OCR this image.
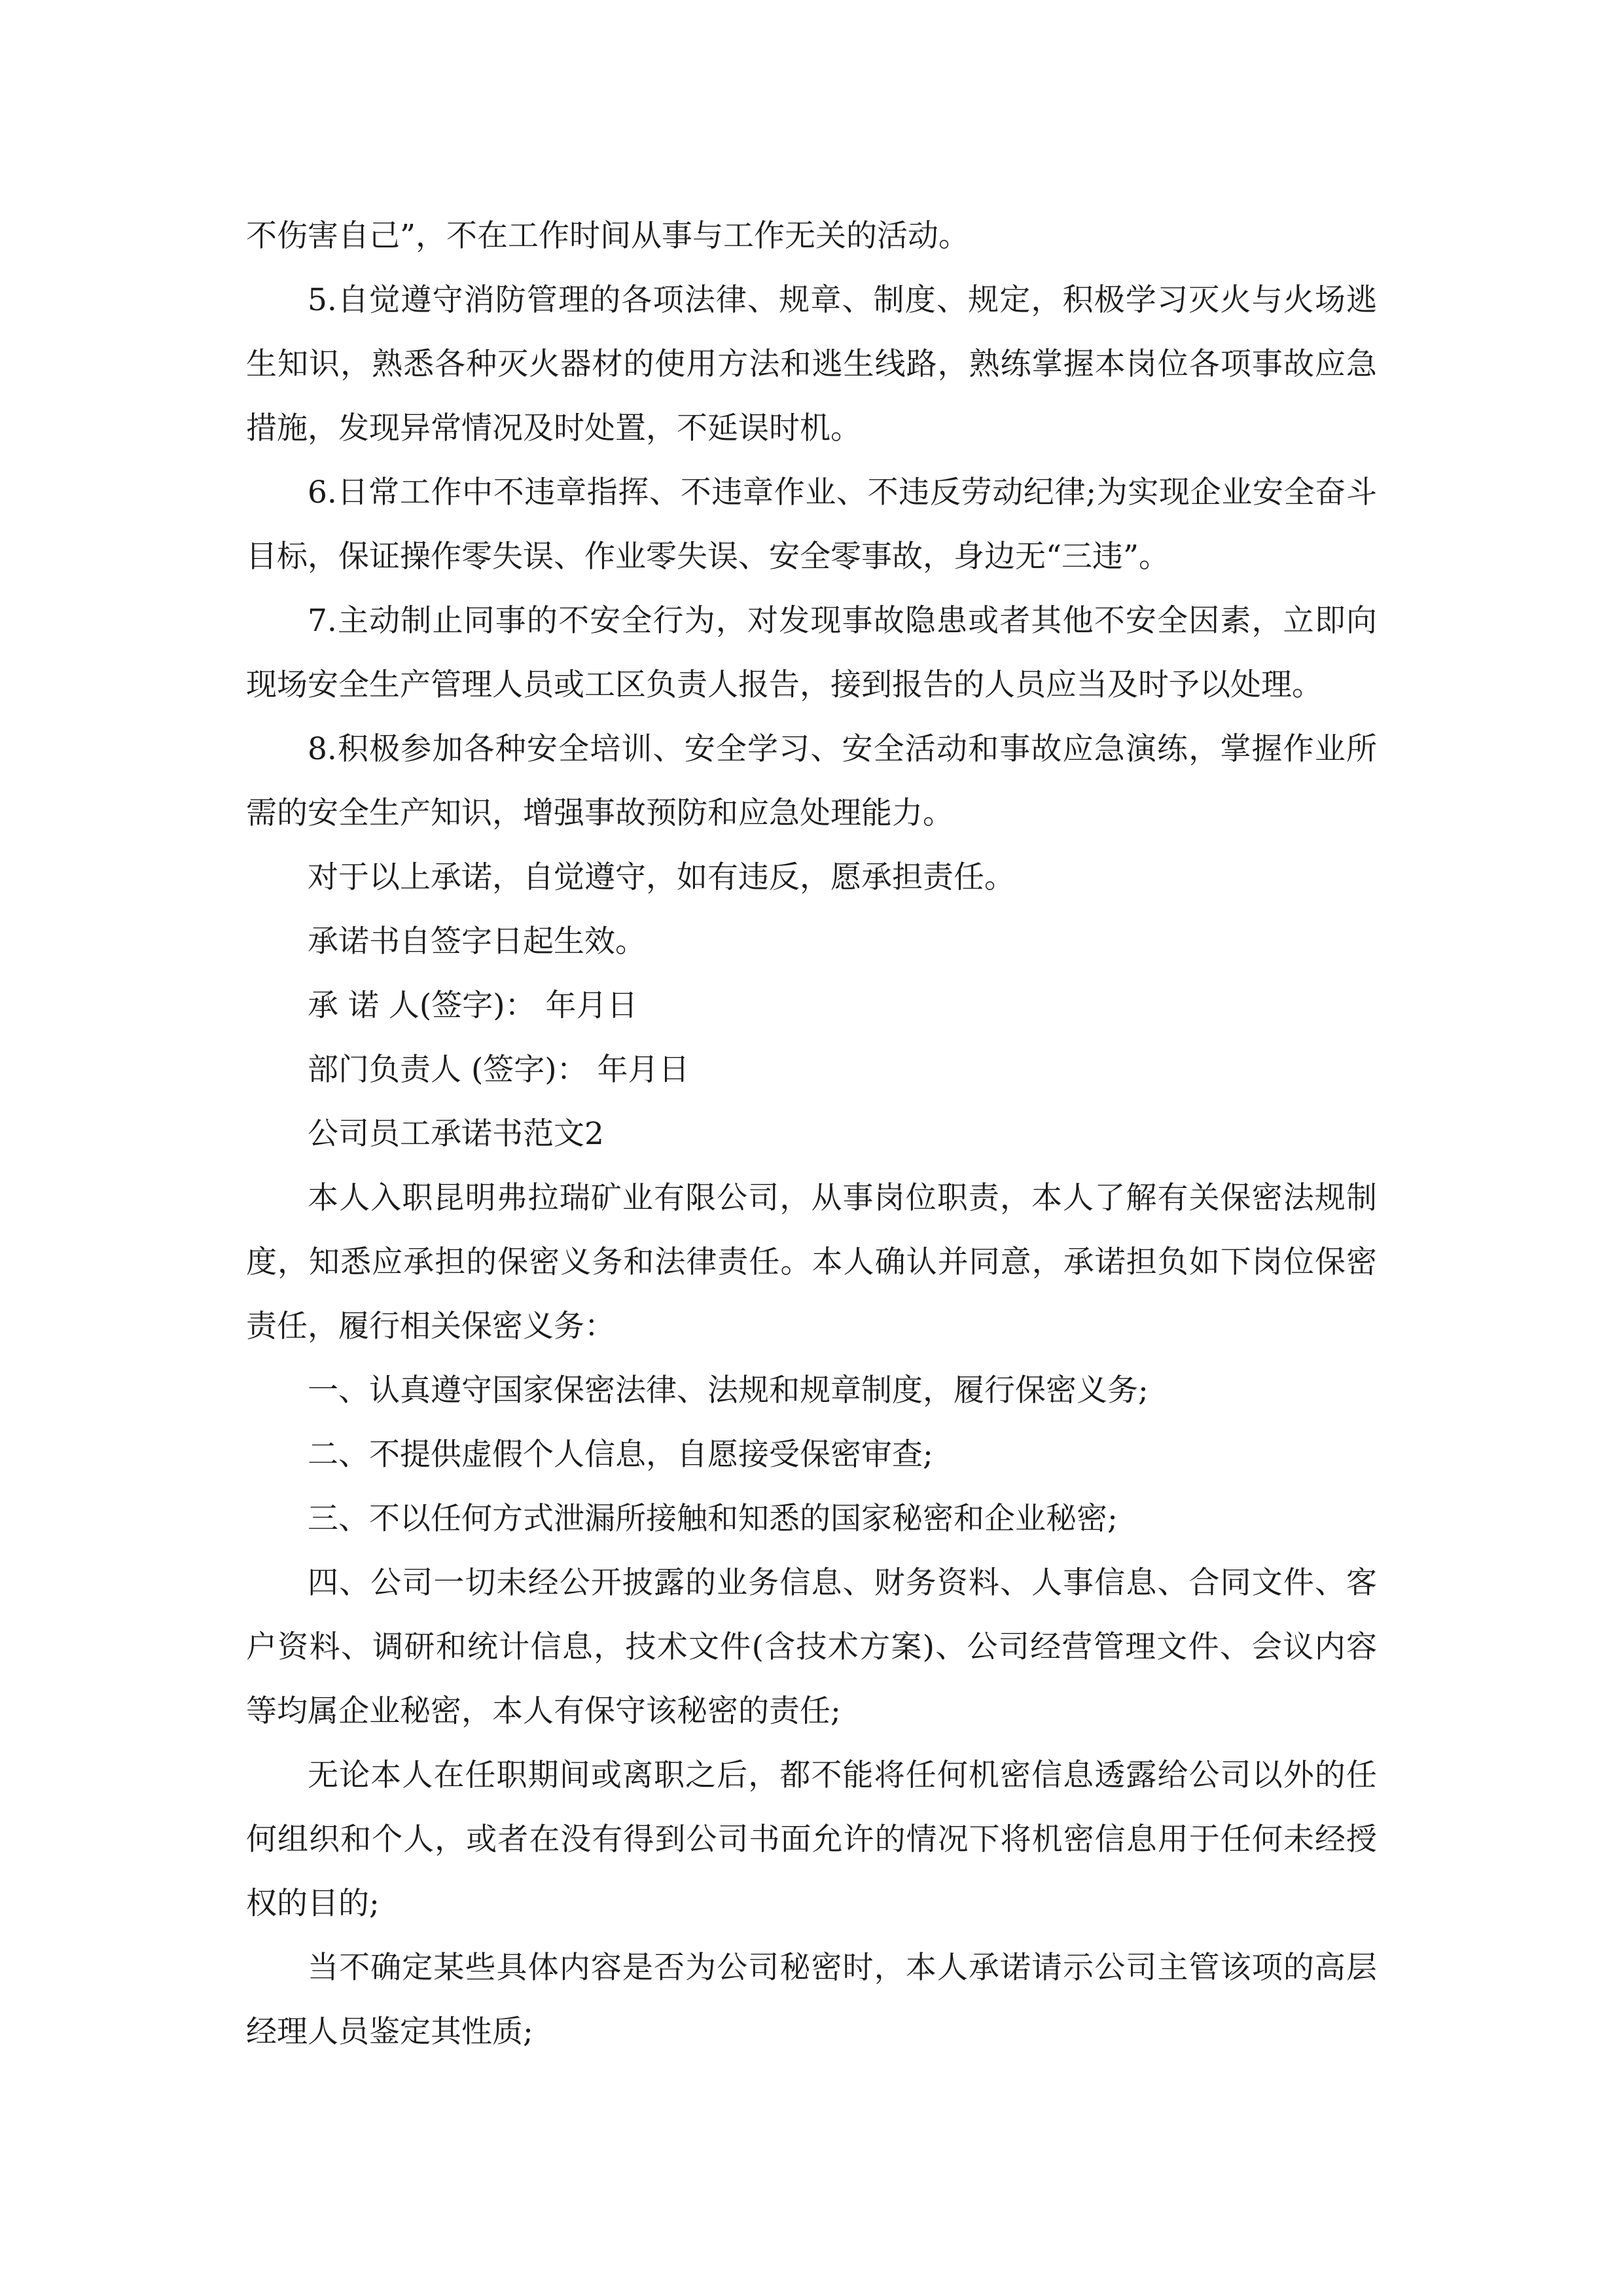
不伤害自己”，不在工作时间从事与工作无关的活动。

5.自觉遵守消防管理的各项法律、规章、制度、规定，积极学习灭火与火场逃生知识，熟悉各种灭火器材的使用方法和逃生线路，熟练掌握本岗位各项事故应急措施，发现异常情况及时处置，不延误时机。

6.日常工作中不违章指挥、不违章作业、不违反劳动纪律;为实现企业安全奋斗目标，保证操作零失误、作业零失误、安全零事故，身边无“三违”。

7.主动制止同事的不安全行为，对发现事故隐患或者其他不安全因素，立即向现场安全生产管理人员或工区负责人报告，接到报告的人员应当及时予以处理。

8.积极参加各种安全培训、安全学习、安全活动和事故应急演练，掌握作业所需的安全生产知识，增强事故预防和应急处理能力。

对于以上承诺，自觉遵守，如有违反，愿承担责任。

承诺书自签字日起生效。

承 诺 人(签字)： 年月日

部门负责人 (签字)： 年月日

公司员工承诺书范文2

本人入职昆明弗拉瑞矿业有限公司，从事岗位职责，本人了解有关保密法规制度，知悉应承担的保密义务和法律责任。本人确认并同意，承诺担负如下岗位保密责任，履行相关保密义务：

一、认真遵守国家保密法律、法规和规章制度，履行保密义务;

二、不提供虚假个人信息，自愿接受保密审查;

三、不以任何方式泄漏所接触和知悉的国家秘密和企业秘密;

四、公司一切未经公开披露的业务信息、财务资料、人事信息、合同文件、客户资料、调研和统计信息，技术文件(含技术方案)、公司经营管理文件、会议内容等均属企业秘密，本人有保守该秘密的责任;

无论本人在任职期间或离职之后，都不能将任何机密信息透露给公司以外的任何组织和个人，或者在没有得到公司书面允许的情况下将机密信息用于任何未经授权的目的;

当不确定某些具体内容是否为公司秘密时，本人承诺请示公司主管该项的高层经理人员鉴定其性质;
